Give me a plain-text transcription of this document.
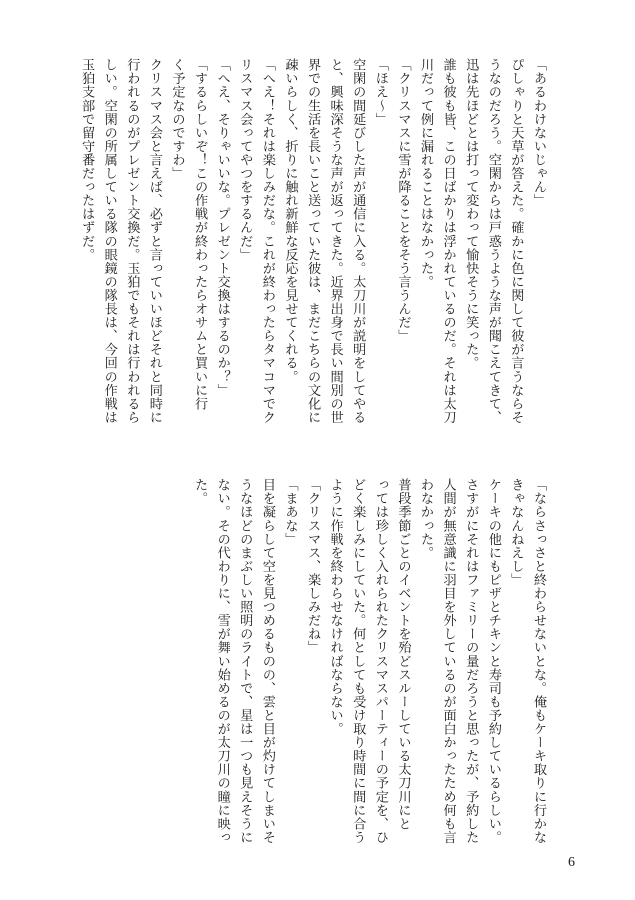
「あるわけないじゃん」
ぴしゃりと天草が答えた。確かに色に関して彼が言うならそ
うなのだろう。空閑からは戸惑うような声が聞こえてきて、
迅は先ほどとは打って変わって愉快そうに笑った。
誰も彼も皆、この日ばかりは浮かれているのだ。それは太刀
川だって例に漏れることはなかった。
「クリスマスに雪が降ることをそう言うんだ」
「ほえ〜」
空閑の間延びした声が通信に入る。太刀川が説明をしてやる
と、興味深そうな声が返ってきた。近界出身で長い間別の世
界での生活を長いこと送っていた彼は、まだこちらの文化に
疎いらしく、折りに触れ新鮮な反応を見せてくれる。
「へえ！それは楽しみだな。これが終わったらタマコマでク
リスマス会ってやつをするんだ」
「へえ、そりゃいいな。プレゼント交換はするのか？」
「するらしいぞ！この作戦が終わったらオサムと買いに行
く予定なのですわ」
クリスマス会と言えば、必ずと言っていいほどそれと同時に
行われるのがプレゼント交換だ。玉狛でもそれは行われるら
しい。空閑の所属している隊の眼鏡の隊長は、今回の作戦は
玉狛支部で留守番だったはずだ。
「ならさっさと終わらせないとな。俺もケーキ取りに行かな
きゃなんねえし」
ケーキの他にもピザとチキンと寿司も予約しているらしい。
さすがにそれはファミリーの量だろうと思ったが、予約した
人間が無意識に羽目を外しているのが面白かったため何も言
わなかった。
普段季節ごとのイベントを殆どスルーしている太刀川にと
っては珍しく入れられたクリスマスパーティーの予定を、ひ
どく楽しみにしていた。何としても受け取り時間に間に合う
ように作戦を終わらせなければならない。
「クリスマス、楽しみだね」
「まあな」
目を凝らして空を見つめるものの、雲と目が灼けてしまいそ
うなほどのまぶしい照明のライトで、星は一つも見えそうに
ない。その代わりに、雪が舞い始めるのが太刀川の瞳に映っ
た。
6
